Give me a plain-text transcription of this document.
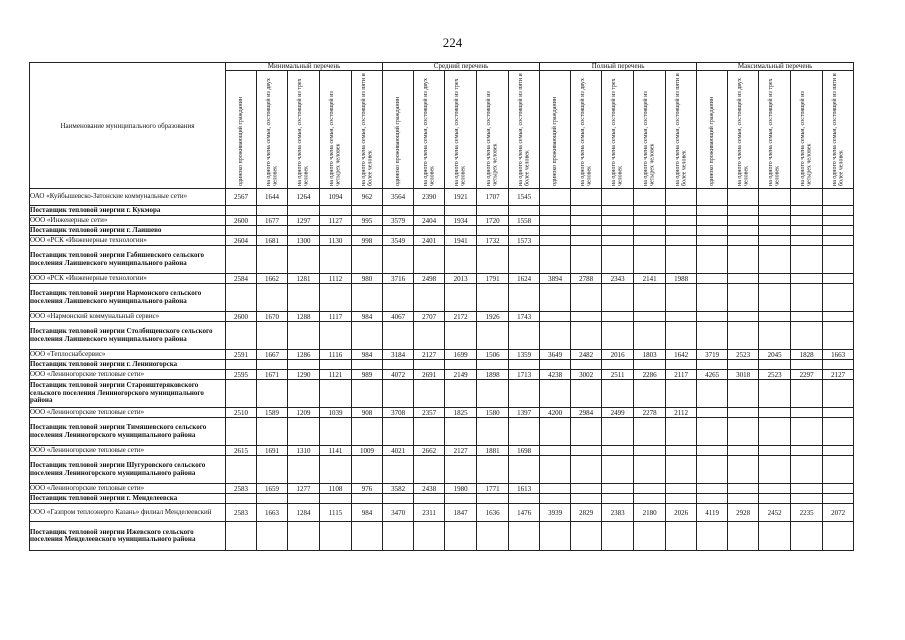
224
Наименование муниципального образования	Минимальный перечень					Средний перечень					Полный перечень					Максимальный перечень				

	одиноко проживающий гражданин	на одного члена семьи, состоящей из двух человек	на одного члена семьи, состоящей из трех человек	на одного члена семьи, состоящей из четырех человек	на одного члена семьи, состоящей из пяти и более человек	одиноко проживающий гражданин	на одного члена семьи, состоящей из двух человек	на одного члена семьи, состоящей из трех человек	на одного члена семьи, состоящей из четырех человек	на одного члена семьи, состоящей из пяти и более человек	одиноко проживающий гражданин	на одного члена семьи, состоящей из двух человек	на одного члена семьи, состоящей из трех человек	на одного члена семьи, состоящей из четырех человек	на одного члена семьи, состоящей из пяти и более человек	одиноко проживающий гражданин	на одного члена семьи, состоящей из двух человек	на одного члена семьи, состоящей из трех человек	на одного члена семьи, состоящей из четырех человек	на одного члена семьи, состоящей из пяти и более человек

ОАО «Куйбышевско-Затонские коммунальные сети»	2567	1644	1264	1094	962	3564	2390	1921	1707	1545										
Поставщик тепловой энергии г. Кукмора																				
ООО «Инженерные сети»	2600	1677	1297	1127	995	3579	2404	1934	1720	1558										
Поставщик тепловой энергии г. Лаишево																				
ООО «РСК «Инженерные технологии»	2604	1681	1300	1130	998	3549	2401	1941	1732	1573										
Поставщик тепловой энергии Габишевского сельского поселения Лаишевского муниципального района																				
ООО «РСК «Инженерные технологии»	2584	1662	1281	1112	980	3716	2498	2013	1791	1624	3894	2788	2343	2141	1988					
Поставщик тепловой энергии Нармонского сельского поселения Лаишевского муниципального района																				
ООО «Нармонский коммунальный сервис»	2600	1670	1288	1117	984	4067	2707	2172	1926	1743										
Поставщик тепловой энергии Столбищенского сельского поселения Лаишевского муниципального района																				
ООО «Теплоснабсервис»	2591	1667	1286	1116	984	3184	2127	1699	1506	1359	3649	2482	2016	1803	1642	3719	2523	2045	1828	1663
Поставщик тепловой энергии г. Лениногорска																				
ООО «Лениногорские тепловые сети»	2595	1671	1290	1121	989	4072	2691	2149	1898	1713	4238	3002	2511	2286	2117	4265	3018	2523	2297	2127
Поставщик тепловой энергии Староиштеряковского сельского поселения Лениногорского муниципального района																				
ООО «Лениногорские тепловые сети»	2510	1589	1209	1039	908	3708	2357	1825	1580	1397	4200	2984	2499	2278	2112					
Поставщик тепловой энергии Тимяшевского сельского поселения Лениногорского муниципального района																				
ООО «Лениногорские тепловые сети»	2615	1691	1310	1141	1009	4021	2662	2127	1881	1698										
Поставщик тепловой энергии Шугуровского сельского поселения Лениногорского муниципального района																				
ООО «Лениногорские тепловые сети»	2583	1659	1277	1108	976	3582	2438	1980	1771	1613										
Поставщик тепловой энергии г. Менделеевска																				
ООО «Газпром теплоэнерго Казань» филиал Менделеевский	2583	1663	1284	1115	984	3470	2311	1847	1636	1476	3939	2829	2383	2180	2026	4119	2928	2452	2235	2072
Поставщик тепловой энергии Ижевского сельского поселения Менделеевского муниципального района																				
